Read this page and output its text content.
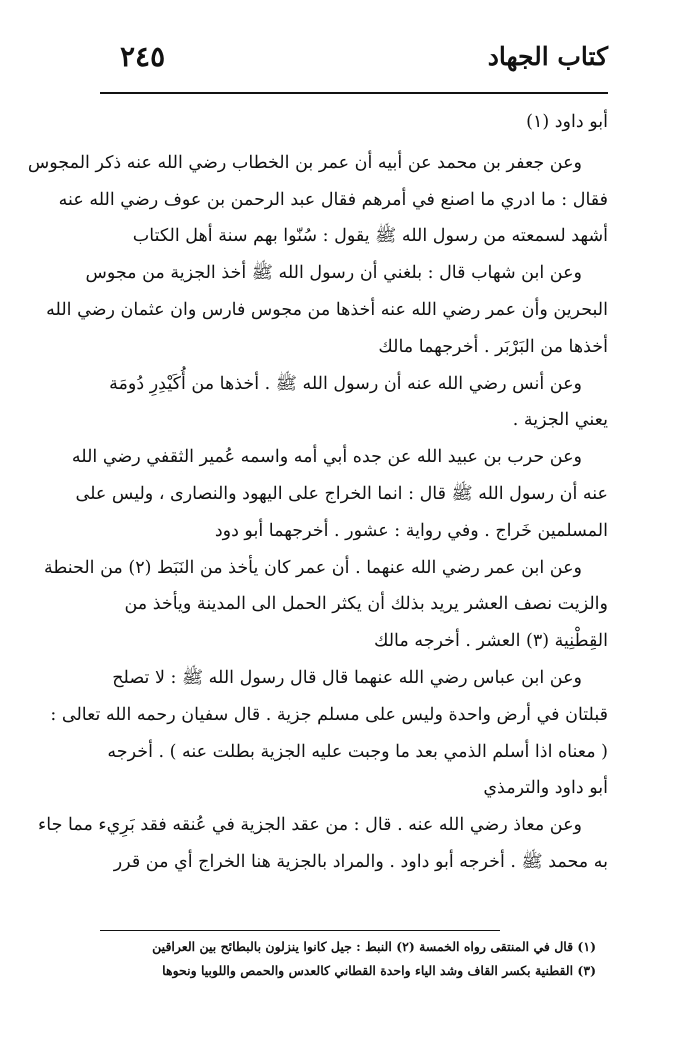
كتاب الجهاد
٢٤٥
أبو داود (١)
وعن جعفر بن محمد عن أبيه أن عمر بن الخطاب رضي الله عنه ذكر المجوس
فقال : ما ادري ما اصنع في أمرهم فقال عبد الرحمن بن عوف رضي الله عنه
أشهد لسمعته من رسول الله ﷺ يقول : سُنّوا بهم سنة أهل الكتاب
وعن ابن شهاب قال : بلغني أن رسول الله ﷺ أخذ الجزية من مجوس
البحرين وأن عمر رضي الله عنه أخذها من مجوس فارس وان عثمان رضي الله
أخذها من البَرْبَر . أخرجهما مالك
وعن أنس رضي الله عنه أن رسول الله ﷺ . أخذها من أُكَيْدِرِ دُومَة
يعني الجزية .
وعن حرب بن عبيد الله عن جده أبي أمه واسمه عُمير الثقفي رضي الله
عنه أن رسول الله ﷺ قال : انما الخراج على اليهود والنصارى ، وليس على
المسلمين خَراج . وفي رواية : عشور . أخرجهما أبو دود
وعن ابن عمر رضي الله عنهما . أن عمر كان يأخذ من النَبَط (٢) من الحنطة
والزيت نصف العشر يريد بذلك أن يكثر الحمل الى المدينة ويأخذ من
القِطْنِية (٣) العشر . أخرجه مالك
وعن ابن عباس رضي الله عنهما قال قال رسول الله ﷺ : لا تصلح
قبلتان في أرض واحدة وليس على مسلم جزية . قال سفيان رحمه الله تعالى :
( معناه اذا أسلم الذمي بعد ما وجبت عليه الجزية بطلت عنه ) . أخرجه
أبو داود والترمذي
وعن معاذ رضي الله عنه . قال : من عقد الجزية في عُنقه فقد بَرِيء مما جاء
به محمد ﷺ . أخرجه أبو داود . والمراد بالجزية هنا الخراج أي من قرر
(١) قال في المنتقى رواه الخمسة (٢) النبط : جيل كانوا ينزلون بالبطائح بين العراقين
(٣) القطنية بكسر القاف وشد الياء واحدة القطاني كالعدس والحمص واللوبيا ونحوها
